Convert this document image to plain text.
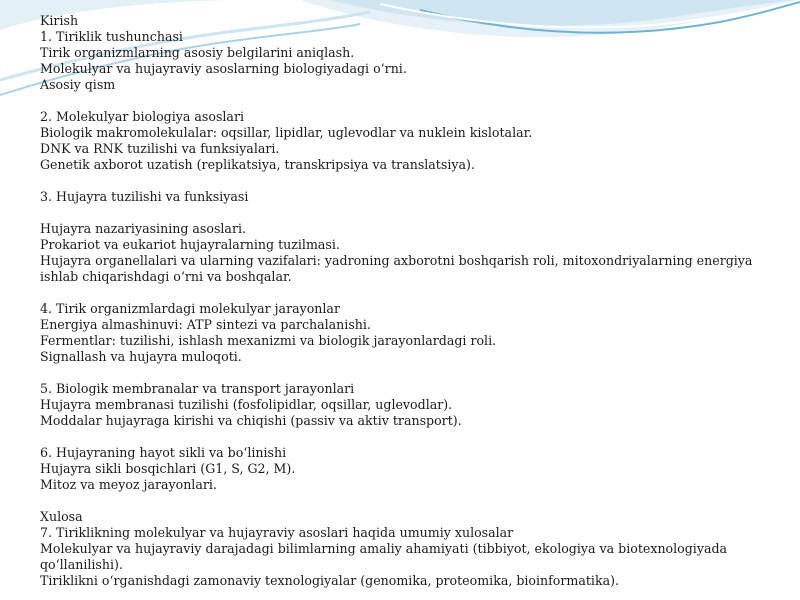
Kirish
1. Tiriklik tushunchasi
Tirik organizmlarning asosiy belgilarini aniqlash.
Molekulyar va hujayraviy asoslarning biologiyadagi o‘rni.
Asosiy qism
2. Molekulyar biologiya asoslari
Biologik makromolekulalar: oqsillar, lipidlar, uglevodlar va nuklein kislotalar.
DNK va RNK tuzilishi va funksiyalari.
Genetik axborot uzatish (replikatsiya, transkripsiya va translatsiya).
3. Hujayra tuzilishi va funksiyasi
Hujayra nazariyasining asoslari.
Prokariot va eukariot hujayralarning tuzilmasi.
Hujayra organellalari va ularning vazifalari: yadroning axborotni boshqarish roli, mitoxondriyalarning energiya ishlab chiqarishdagi o‘rni va boshqalar.
4. Tirik organizmlardagi molekulyar jarayonlar
Energiya almashinuvi: ATP sintezi va parchalanishi.
Fermentlar: tuzilishi, ishlash mexanizmi va biologik jarayonlardagi roli.
Signallash va hujayra muloqoti.
5. Biologik membranalar va transport jarayonlari
Hujayra membranasi tuzilishi (fosfolipidlar, oqsillar, uglevodlar).
Moddalar hujayraga kirishi va chiqishi (passiv va aktiv transport).
6. Hujayraning hayot sikli va bo‘linishi
Hujayra sikli bosqichlari (G1, S, G2, M).
Mitoz va meyoz jarayonlari.
Xulosa
7. Tiriklikning molekulyar va hujayraviy asoslari haqida umumiy xulosalar
Molekulyar va hujayraviy darajadagi bilimlarning amaliy ahamiyati (tibbiyot, ekologiya va biotexnologiyada qo‘llanilishi).
Tiriklikni o‘rganishdagi zamonaviy texnologiyalar (genomika, proteomika, bioinformatika).
